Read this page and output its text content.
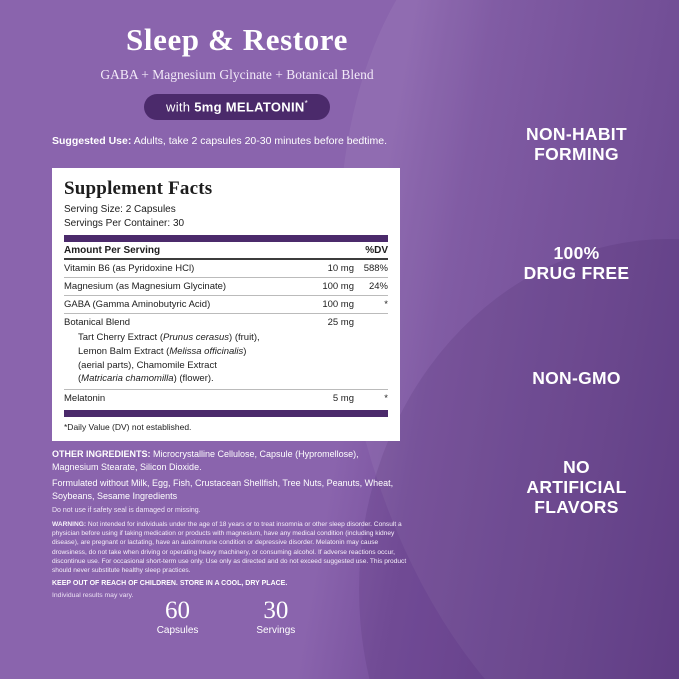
Sleep & Restore
GABA + Magnesium Glycinate + Botanical Blend
with 5mg MELATONIN*
Suggested Use: Adults, take 2 capsules 20-30 minutes before bedtime.
Supplement Facts
Serving Size: 2 Capsules
Servings Per Container: 30
Amount Per Serving	%DV
Vitamin B6 (as Pyridoxine HCl)	10 mg	588%
Magnesium (as Magnesium Glycinate)	100 mg	24%
GABA (Gamma Aminobutyric Acid)	100 mg	*
Botanical Blend	25 mg
Tart Cherry Extract (Prunus cerasus) (fruit),
Lemon Balm Extract (Melissa officinalis)
(aerial parts), Chamomile Extract
(Matricaria chamomilla) (flower).
Melatonin	5 mg	*
*Daily Value (DV) not established.
OTHER INGREDIENTS: Microcrystalline Cellulose, Capsule (Hypromellose), Magnesium Stearate, Silicon Dioxide.
Formulated without Milk, Egg, Fish, Crustacean Shellfish, Tree Nuts, Peanuts, Wheat, Soybeans, Sesame Ingredients
Do not use if safety seal is damaged or missing.
WARNING: Not intended for individuals under the age of 18 years or to treat insomnia or other sleep disorder. Consult a physician before using if taking medication or products with magnesium, have any medical condition (including kidney disease), are pregnant or lactating, have an autoimmune condition or depressive disorder. Melatonin may cause drowsiness, do not take when driving or operating heavy machinery, or consuming alcohol. If adverse reactions occur, discontinue use. For occasional short-term use only. Use only as directed and do not exceed suggested use. This product should never substitute healthy sleep practices.
KEEP OUT OF REACH OF CHILDREN. STORE IN A COOL, DRY PLACE.
Individual results may vary.
60
Capsules
30
Servings
NON-HABIT
FORMING
100%
DRUG FREE
NON-GMO
NO
ARTIFICIAL
FLAVORS
